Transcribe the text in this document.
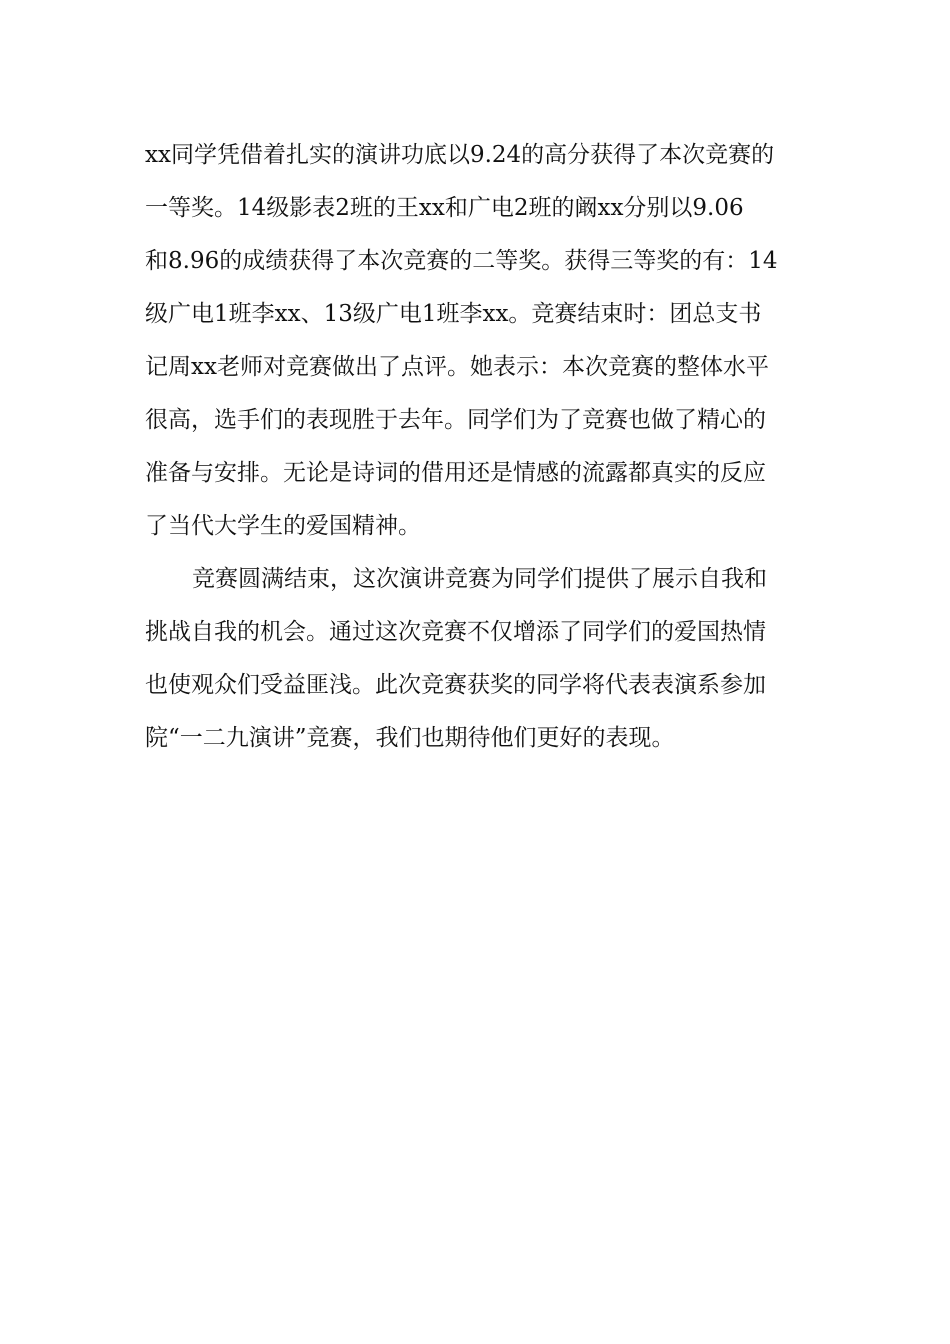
xx同学凭借着扎实的演讲功底以9.24的高分获得了本次竞赛的
一等奖。14级影表2班的王xx和广电2班的阚xx分别以9.06
和8.96的成绩获得了本次竞赛的二等奖。获得三等奖的有：14
级广电1班李xx、13级广电1班李xx。竞赛结束时：团总支书
记周xx老师对竞赛做出了点评。她表示：本次竞赛的整体水平
很高，选手们的表现胜于去年。同学们为了竞赛也做了精心的
准备与安排。无论是诗词的借用还是情感的流露都真实的反应
了当代大学生的爱国精神。
竞赛圆满结束，这次演讲竞赛为同学们提供了展示自我和
挑战自我的机会。通过这次竞赛不仅增添了同学们的爱国热情
也使观众们受益匪浅。此次竞赛获奖的同学将代表表演系参加
院“一二九演讲”竞赛，我们也期待他们更好的表现。
